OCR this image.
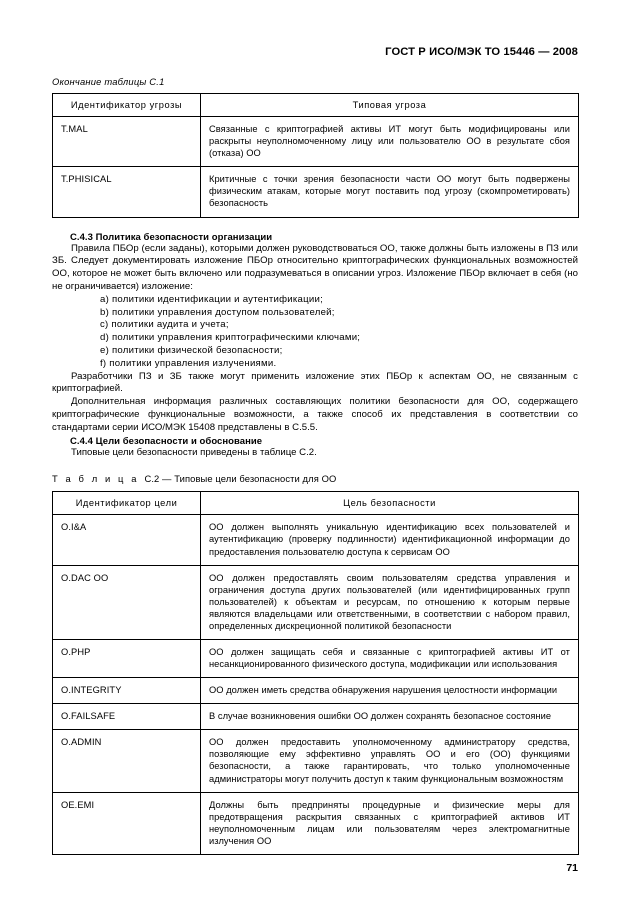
ГОСТ Р ИСО/МЭК ТО 15446 — 2008
Окончание таблицы С.1
Идентификатор угрозы	Типовая угроза
T.MAL	Связанные с криптографией активы ИТ могут быть модифицированы или раскрыты неуполномоченному лицу или пользователю ОО в результате сбоя (отказа) ОО
T.PHISICAL	Критичные с точки зрения безопасности части ОО могут быть подвержены физическим атакам, которые могут поставить под угрозу (скомпрометировать) безопасность
С.4.3 Политика безопасности организации

Правила ПБОр (если заданы), которыми должен руководствоваться ОО, также должны быть изложены в ПЗ или ЗБ. Следует документировать изложение ПБОр относительно криптографических функциональных возможностей ОО, которое не может быть включено или подразумеваться в описании угроз. Изложение ПБОр включает в себя (но не ограничивается) изложение:

a) политики идентификации и аутентификации;
b) политики управления доступом пользователей;
c) политики аудита и учета;
d) политики управления криптографическими ключами;
e) политики физической безопасности;
f) политики управления излучениями.

Разработчики ПЗ и ЗБ также могут применить изложение этих ПБОр к аспектам ОО, не связанным с криптографией.

Дополнительная информация различных составляющих политики безопасности для ОО, содержащего криптографические функциональные возможности, а также способ их представления в соответствии со стандартами серии ИСО/МЭК 15408 представлены в С.5.5.

С.4.4 Цели безопасности и обоснование

Типовые цели безопасности приведены в таблице С.2.

Т а б л и ц а С.2 — Типовые цели безопасности для ОО
Идентификатор цели	Цель безопасности
O.I&A	ОО должен выполнять уникальную идентификацию всех пользователей и аутентификацию (проверку подлинности) идентификационной информации до предоставления пользователю доступа к сервисам ОО
O.DAC OO	ОО должен предоставлять своим пользователям средства управления и ограничения доступа других пользователей (или идентифицированных групп пользователей) к объектам и ресурсам, по отношению к которым первые являются владельцами или ответственными, в соответствии с набором правил, определенных дискреционной политикой безопасности
O.PHP	ОО должен защищать себя и связанные с криптографией активы ИТ от несанкционированного физического доступа, модификации или использования
O.INTEGRITY	ОО должен иметь средства обнаружения нарушения целостности информации
O.FAILSAFE	В случае возникновения ошибки ОО должен сохранять безопасное состояние
O.ADMIN	ОО должен предоставить уполномоченному администратору средства, позволяющие ему эффективно управлять ОО и его (ОО) функциями безопасности, а также гарантировать, что только уполномоченные администраторы могут получить доступ к таким функциональным возможностям
OE.EMI	Должны быть предприняты процедурные и физические меры для предотвращения раскрытия связанных с криптографией активов ИТ неуполномоченным лицам или пользователям через электромагнитные излучения ОО
71
